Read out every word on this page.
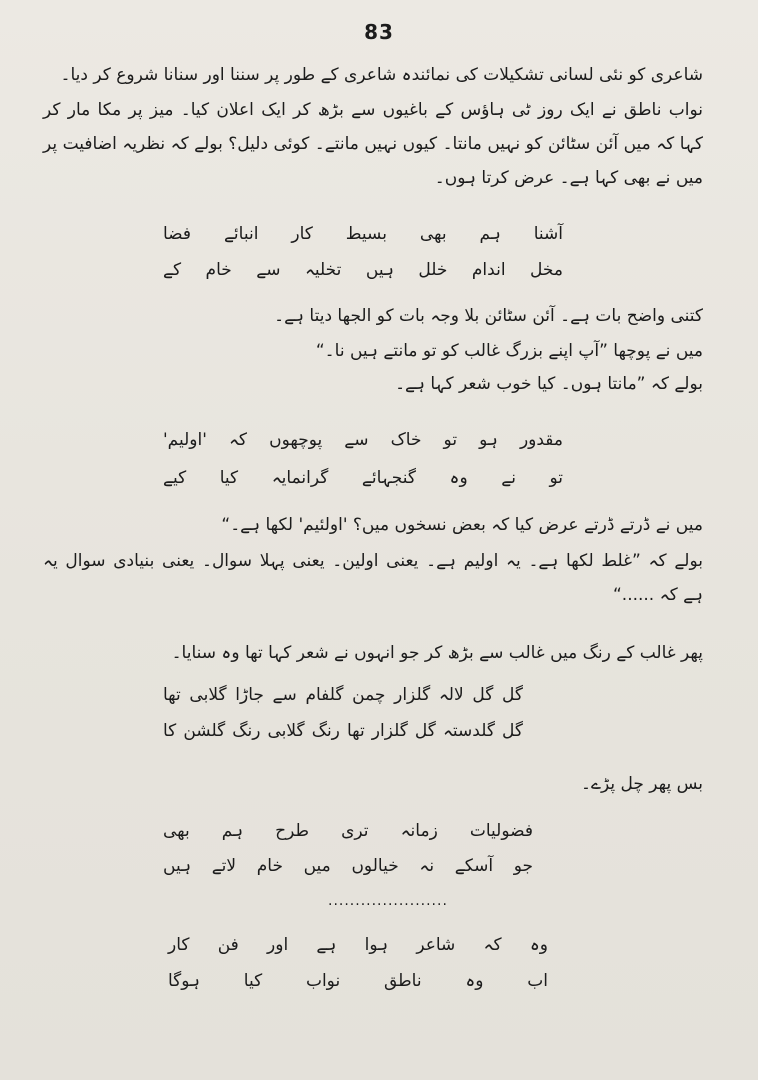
83
شاعری کو نئی لسانی تشکیلات کی نمائندہ شاعری کے طور پر سننا اور سنانا شروع کر دیا۔
نواب ناطق نے ایک روز ٹی ہاؤس کے باغیوں سے بڑھ کر ایک اعلان کیا۔ میز پر مکا مار کر
کہا کہ میں آئن سٹائن کو نہیں مانتا۔ کیوں نہیں مانتے۔ کوئی دلیل؟ بولے کہ نظریہ اضافیت پر
میں نے بھی کہا ہے۔ عرض کرتا ہوں۔
آشنا ہم بھی بسیط کار انبائے فضا
مخل اندام خلل ہیں تخلیہ سے خام کے
کتنی واضح بات ہے۔ آئن سٹائن بلا وجہ بات کو الجھا دیتا ہے۔
میں نے پوچھا ”آپ اپنے بزرگ غالب کو تو مانتے ہیں نا۔“
بولے کہ ”مانتا ہوں۔ کیا خوب شعر کہا ہے۔
مقدور ہو تو خاک سے پوچھوں کہ 'اولیم'
تو نے وہ گنجہائے گرانمایہ کیا کیے
میں نے ڈرتے ڈرتے عرض کیا کہ بعض نسخوں میں؟ 'اولئیم' لکھا ہے۔“
بولے کہ ”غلط لکھا ہے۔ یہ اولیم ہے۔ یعنی اولین۔ یعنی پہلا سوال۔ یعنی بنیادی سوال یہ
ہے کہ ......“
پھر غالب کے رنگ میں غالب سے بڑھ کر جو انہوں نے شعر کہا تھا وہ سنایا۔
گل گل لالہ گلزار چمن گلفام سے جاڑا گلابی تھا
گل گلدستہ گل گلزار تھا رنگ گلابی رنگ گلشن کا
بس پھر چل پڑے۔
فضولیات زمانہ تری طرح ہم بھی
جو آسکے نہ خیالوں میں خام لاتے ہیں
......................
وہ کہ شاعر ہوا ہے اور فن کار
اب وہ ناطق نواب کیا ہوگا
